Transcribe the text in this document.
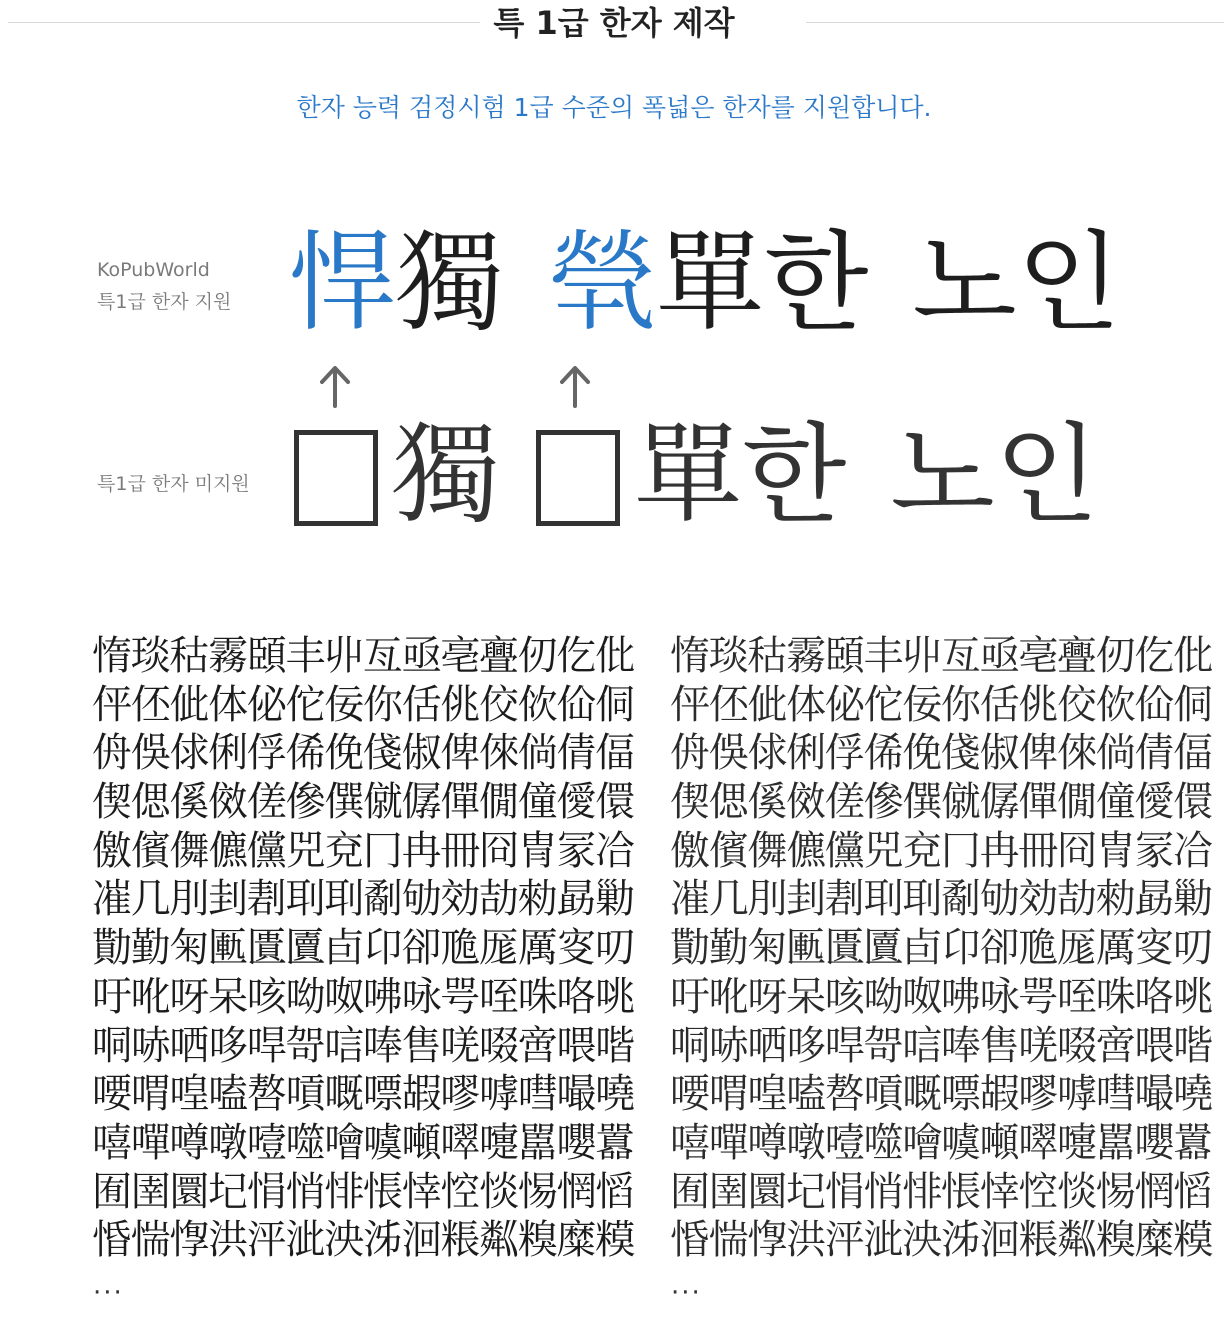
특 1급 한자 제작
한자 능력 검정시험 1급 수준의 폭넓은 한자를 지원합니다.
KoPubWorld
특1급 한자 지원
특1급 한자 미지원
悍 獨 煢 單 한 노 인
獨 單 한 노 인
惰琰秙霧頣丰丱亙亟亳亹仞仡仳
伻伾佌体佖佗佞你佸佻佼佽佡侗
侜俁俅俐俘俙俛俴俶俾倈倘倩偪
偰偲傒傚傞傪僎僦僝僤僩僮僾儇
儌儐儛儦儻兕兗冂冉冊冏冑冡冾
凗几刖刲剨刵刵劀劬効劼勑勗勦
勩勤匊匭匱匵卣卬卻卼厖厲叜叨
吁吪呀呆咳呦呶咈咏咢咥咮咯咷
哃哧哂哆哻哿唁唪售唴啜啻喂喈
喓喟喤嗑嗸嗊嘅嘌嘏嘐嘑嘒嘬嘵
嘻嘽噂噋噎噬噲噳噸噿嚏嚚嚶囂
囿圉圜圮悁悄悱悵悻悾惔惕惘慆
惛惴惸洪泙泚泱泲洄粻粼糗糜糢
···
惰琰秙霧頣丰丱亙亟亳亹仞仡仳
伻伾佌体佖佗佞你佸佻佼佽佡侗
侜俁俅俐俘俙俛俴俶俾倈倘倩偪
偰偲傒傚傞傪僎僦僝僤僩僮僾儇
儌儐儛儦儻兕兗冂冉冊冏冑冡冾
凗几刖刲剨刵刵劀劬効劼勑勗勦
勩勤匊匭匱匵卣卬卻卼厖厲叜叨
吁吪呀呆咳呦呶咈咏咢咥咮咯咷
哃哧哂哆哻哿唁唪售唴啜啻喂喈
喓喟喤嗑嗸嗊嘅嘌嘏嘐嘑嘒嘬嘵
嘻嘽噂噋噎噬噲噳噸噿嚏嚚嚶囂
囿圉圜圮悁悄悱悵悻悾惔惕惘慆
惛惴惸洪泙泚泱泲洄粻粼糗糜糢
···
